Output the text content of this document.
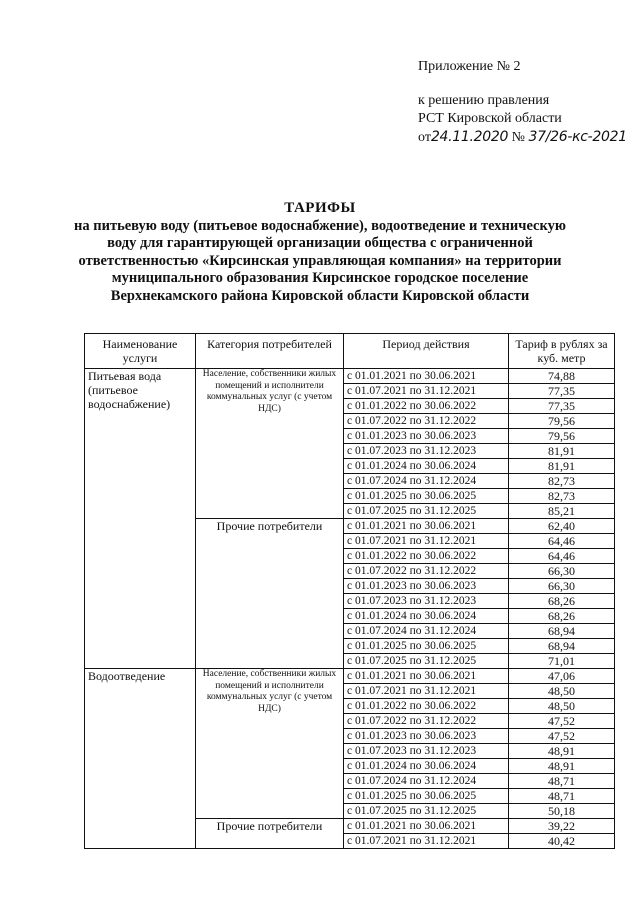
Приложение № 2
к решению правления
РСТ Кировской области
от24.11.2020 № 37/26-кс-2021
ТАРИФЫ
на питьевую воду (питьевое водоснабжение), водоотведение и техническую воду для гарантирующей организации общества с ограниченной ответственностью «Кирсинская управляющая компания» на территории муниципального образования Кирсинское городское поселение Верхнекамского района Кировской области Кировской области
Наименование услуги	Категория потребителей	Период действия	Тариф в рублях за куб. метр
Питьевая вода (питьевое водоснабжение)	Население, собственники жилых помещений и исполнители коммунальных услуг (с учетом НДС)	с 01.01.2021 по 30.06.2021	74,88
		с 01.07.2021 по 31.12.2021	77,35
		с 01.01.2022 по 30.06.2022	77,35
		с 01.07.2022 по 31.12.2022	79,56
		с 01.01.2023 по 30.06.2023	79,56
		с 01.07.2023 по 31.12.2023	81,91
		с 01.01.2024 по 30.06.2024	81,91
		с 01.07.2024 по 31.12.2024	82,73
		с 01.01.2025 по 30.06.2025	82,73
		с 01.07.2025 по 31.12.2025	85,21
	Прочие потребители	с 01.01.2021 по 30.06.2021	62,40
		с 01.07.2021 по 31.12.2021	64,46
		с 01.01.2022 по 30.06.2022	64,46
		с 01.07.2022 по 31.12.2022	66,30
		с 01.01.2023 по 30.06.2023	66,30
		с 01.07.2023 по 31.12.2023	68,26
		с 01.01.2024 по 30.06.2024	68,26
		с 01.07.2024 по 31.12.2024	68,94
		с 01.01.2025 по 30.06.2025	68,94
		с 01.07.2025 по 31.12.2025	71,01
Водоотведение	Население, собственники жилых помещений и исполнители коммунальных услуг (с учетом НДС)	с 01.01.2021 по 30.06.2021	47,06
		с 01.07.2021 по 31.12.2021	48,50
		с 01.01.2022 по 30.06.2022	48,50
		с 01.07.2022 по 31.12.2022	47,52
		с 01.01.2023 по 30.06.2023	47,52
		с 01.07.2023 по 31.12.2023	48,91
		с 01.01.2024 по 30.06.2024	48,91
		с 01.07.2024 по 31.12.2024	48,71
		с 01.01.2025 по 30.06.2025	48,71
		с 01.07.2025 по 31.12.2025	50,18
	Прочие потребители	с 01.01.2021 по 30.06.2021	39,22
		с 01.07.2021 по 31.12.2021	40,42
